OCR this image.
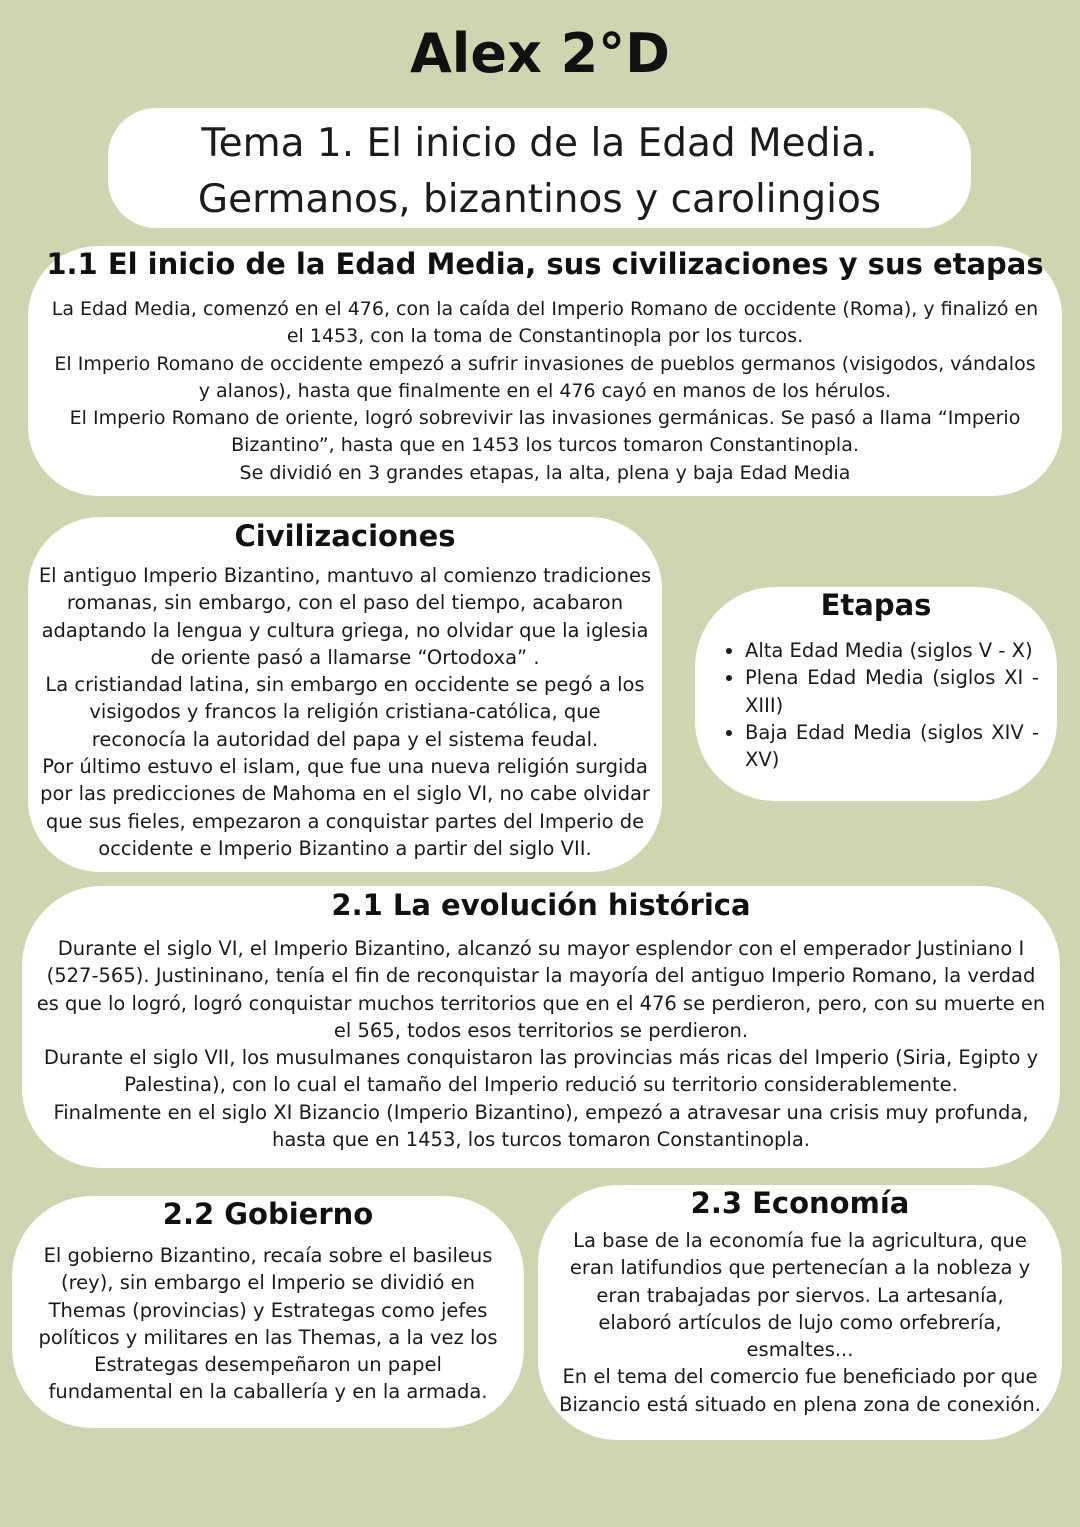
Alex 2°D
Tema 1. El inicio de la Edad Media.
Germanos, bizantinos y carolingios
1.1 El inicio de la Edad Media, sus civilizaciones y sus etapas

La Edad Media, comenzó en el 476, con la caída del Imperio Romano de occidente (Roma), y finalizó en
el 1453, con la toma de Constantinopla por los turcos.
El Imperio Romano de occidente empezó a sufrir invasiones de pueblos germanos (visigodos, vándalos
y alanos), hasta que finalmente en el 476 cayó en manos de los hérulos.
El Imperio Romano de oriente, logró sobrevivir las invasiones germánicas. Se pasó a llama “Imperio
Bizantino”, hasta que en 1453 los turcos tomaron Constantinopla.
Se dividió en 3 grandes etapas, la alta, plena y baja Edad Media

Civilizaciones

El antiguo Imperio Bizantino, mantuvo al comienzo tradiciones
romanas, sin embargo, con el paso del tiempo, acabaron
adaptando la lengua y cultura griega, no olvidar que la iglesia
de oriente pasó a llamarse “Ortodoxa” .
La cristiandad latina, sin embargo en occidente se pegó a los
visigodos y francos la religión cristiana-católica, que
reconocía la autoridad del papa y el sistema feudal.
Por último estuvo el islam, que fue una nueva religión surgida
por las predicciones de Mahoma en el siglo VI, no cabe olvidar
que sus fieles, empezaron a conquistar partes del Imperio de
occidente e Imperio Bizantino a partir del siglo VII.

Etapas
• Alta Edad Media (siglos V - X)
• Plena Edad Media (siglos XI - XIII)
• Baja Edad Media (siglos XIV - XV)
2.1 La evolución histórica

Durante el siglo VI, el Imperio Bizantino, alcanzó su mayor esplendor con el emperador Justiniano I
(527-565). Justininano, tenía el fin de reconquistar la mayoría del antiguo Imperio Romano, la verdad
es que lo logró, logró conquistar muchos territorios que en el 476 se perdieron, pero, con su muerte en
el 565, todos esos territorios se perdieron.
Durante el siglo VII, los musulmanes conquistaron las provincias más ricas del Imperio (Siria, Egipto y
Palestina), con lo cual el tamaño del Imperio redució su territorio considerablemente.
Finalmente en el siglo XI Bizancio (Imperio Bizantino), empezó a atravesar una crisis muy profunda,
hasta que en 1453, los turcos tomaron Constantinopla.

2.2 Gobierno

El gobierno Bizantino, recaía sobre el basileus
(rey), sin embargo el Imperio se dividió en
Themas (provincias) y Estrategas como jefes
políticos y militares en las Themas, a la vez los
Estrategas desempeñaron un papel
fundamental en la caballería y en la armada.

2.3 Economía

La base de la economía fue la agricultura, que
eran latifundios que pertenecían a la nobleza y
eran trabajadas por siervos. La artesanía,
elaboró artículos de lujo como orfebrería,
esmaltes...
En el tema del comercio fue beneficiado por que
Bizancio está situado en plena zona de conexión.
